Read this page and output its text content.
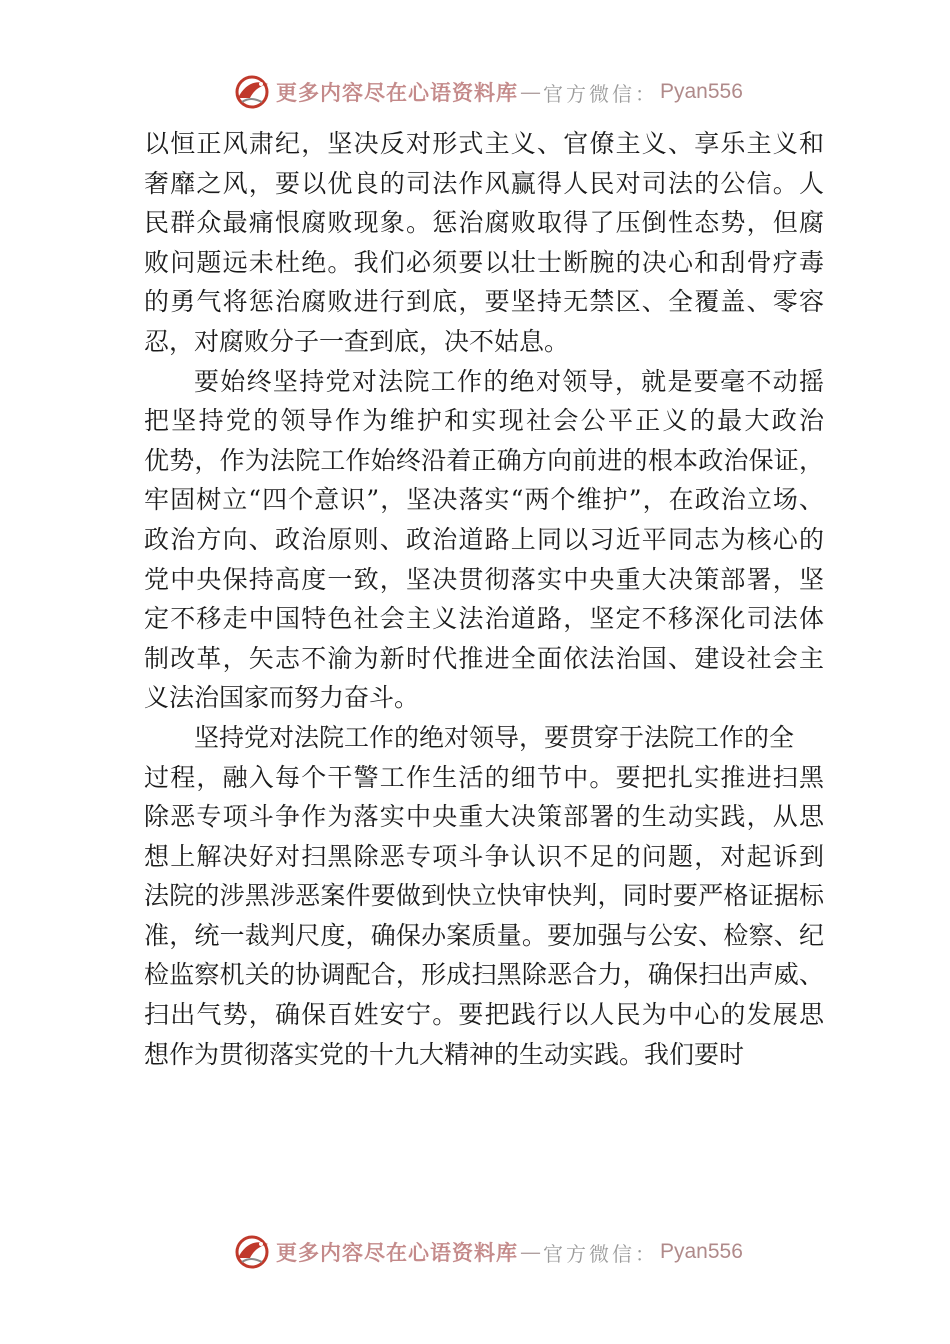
更多内容尽在心语资料库 — 官方微信： Pyan556
以恒正风肃纪，坚决反对形式主义、官僚主义、享乐主义和
奢靡之风，要以优良的司法作风赢得人民对司法的公信。人
民群众最痛恨腐败现象。惩治腐败取得了压倒性态势，但腐
败问题远未杜绝。我们必须要以壮士断腕的决心和刮骨疗毒
的勇气将惩治腐败进行到底，要坚持无禁区、全覆盖、零容
忍，对腐败分子一查到底，决不姑息。
要始终坚持党对法院工作的绝对领导，就是要毫不动摇
把坚持党的领导作为维护和实现社会公平正义的最大政治
优势，作为法院工作始终沿着正确方向前进的根本政治保证，
牢固树立“四个意识”，坚决落实“两个维护”，在政治立场、
政治方向、政治原则、政治道路上同以习近平同志为核心的
党中央保持高度一致，坚决贯彻落实中央重大决策部署，坚
定不移走中国特色社会主义法治道路，坚定不移深化司法体
制改革，矢志不渝为新时代推进全面依法治国、建设社会主
义法治国家而努力奋斗。
坚持党对法院工作的绝对领导，要贯穿于法院工作的全
过程，融入每个干警工作生活的细节中。要把扎实推进扫黑
除恶专项斗争作为落实中央重大决策部署的生动实践，从思
想上解决好对扫黑除恶专项斗争认识不足的问题，对起诉到
法院的涉黑涉恶案件要做到快立快审快判，同时要严格证据标
准，统一裁判尺度，确保办案质量。要加强与公安、检察、纪
检监察机关的协调配合，形成扫黑除恶合力，确保扫出声威、
扫出气势，确保百姓安宁。要把践行以人民为中心的发展思
想作为贯彻落实党的十九大精神的生动实践。我们要时
更多内容尽在心语资料库 — 官方微信： Pyan556
